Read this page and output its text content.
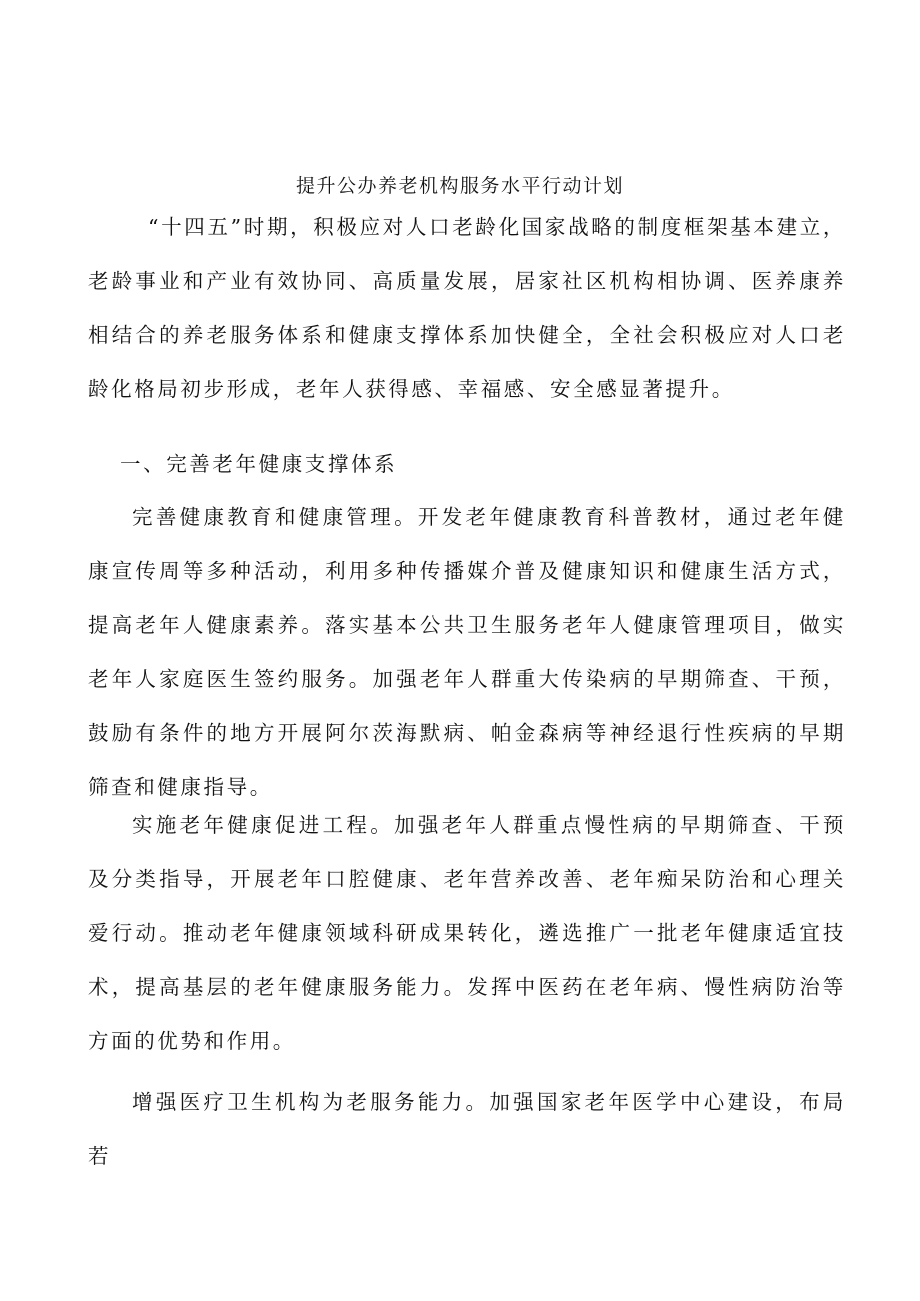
提升公办养老机构服务水平行动计划

“十四五”时期，积极应对人口老龄化国家战略的制度框架基本建立，老龄事业和产业有效协同、高质量发展，居家社区机构相协调、医养康养相结合的养老服务体系和健康支撑体系加快健全，全社会积极应对人口老龄化格局初步形成，老年人获得感、幸福感、安全感显著提升。

一、完善老年健康支撑体系

完善健康教育和健康管理。开发老年健康教育科普教材，通过老年健康宣传周等多种活动，利用多种传播媒介普及健康知识和健康生活方式，提高老年人健康素养。落实基本公共卫生服务老年人健康管理项目，做实老年人家庭医生签约服务。加强老年人群重大传染病的早期筛查、干预，鼓励有条件的地方开展阿尔茨海默病、帕金森病等神经退行性疾病的早期筛查和健康指导。

实施老年健康促进工程。加强老年人群重点慢性病的早期筛查、干预及分类指导，开展老年口腔健康、老年营养改善、老年痴呆防治和心理关爱行动。推动老年健康领域科研成果转化，遴选推广一批老年健康适宜技术，提高基层的老年健康服务能力。发挥中医药在老年病、慢性病防治等方面的优势和作用。

增强医疗卫生机构为老服务能力。加强国家老年医学中心建设，布局若
